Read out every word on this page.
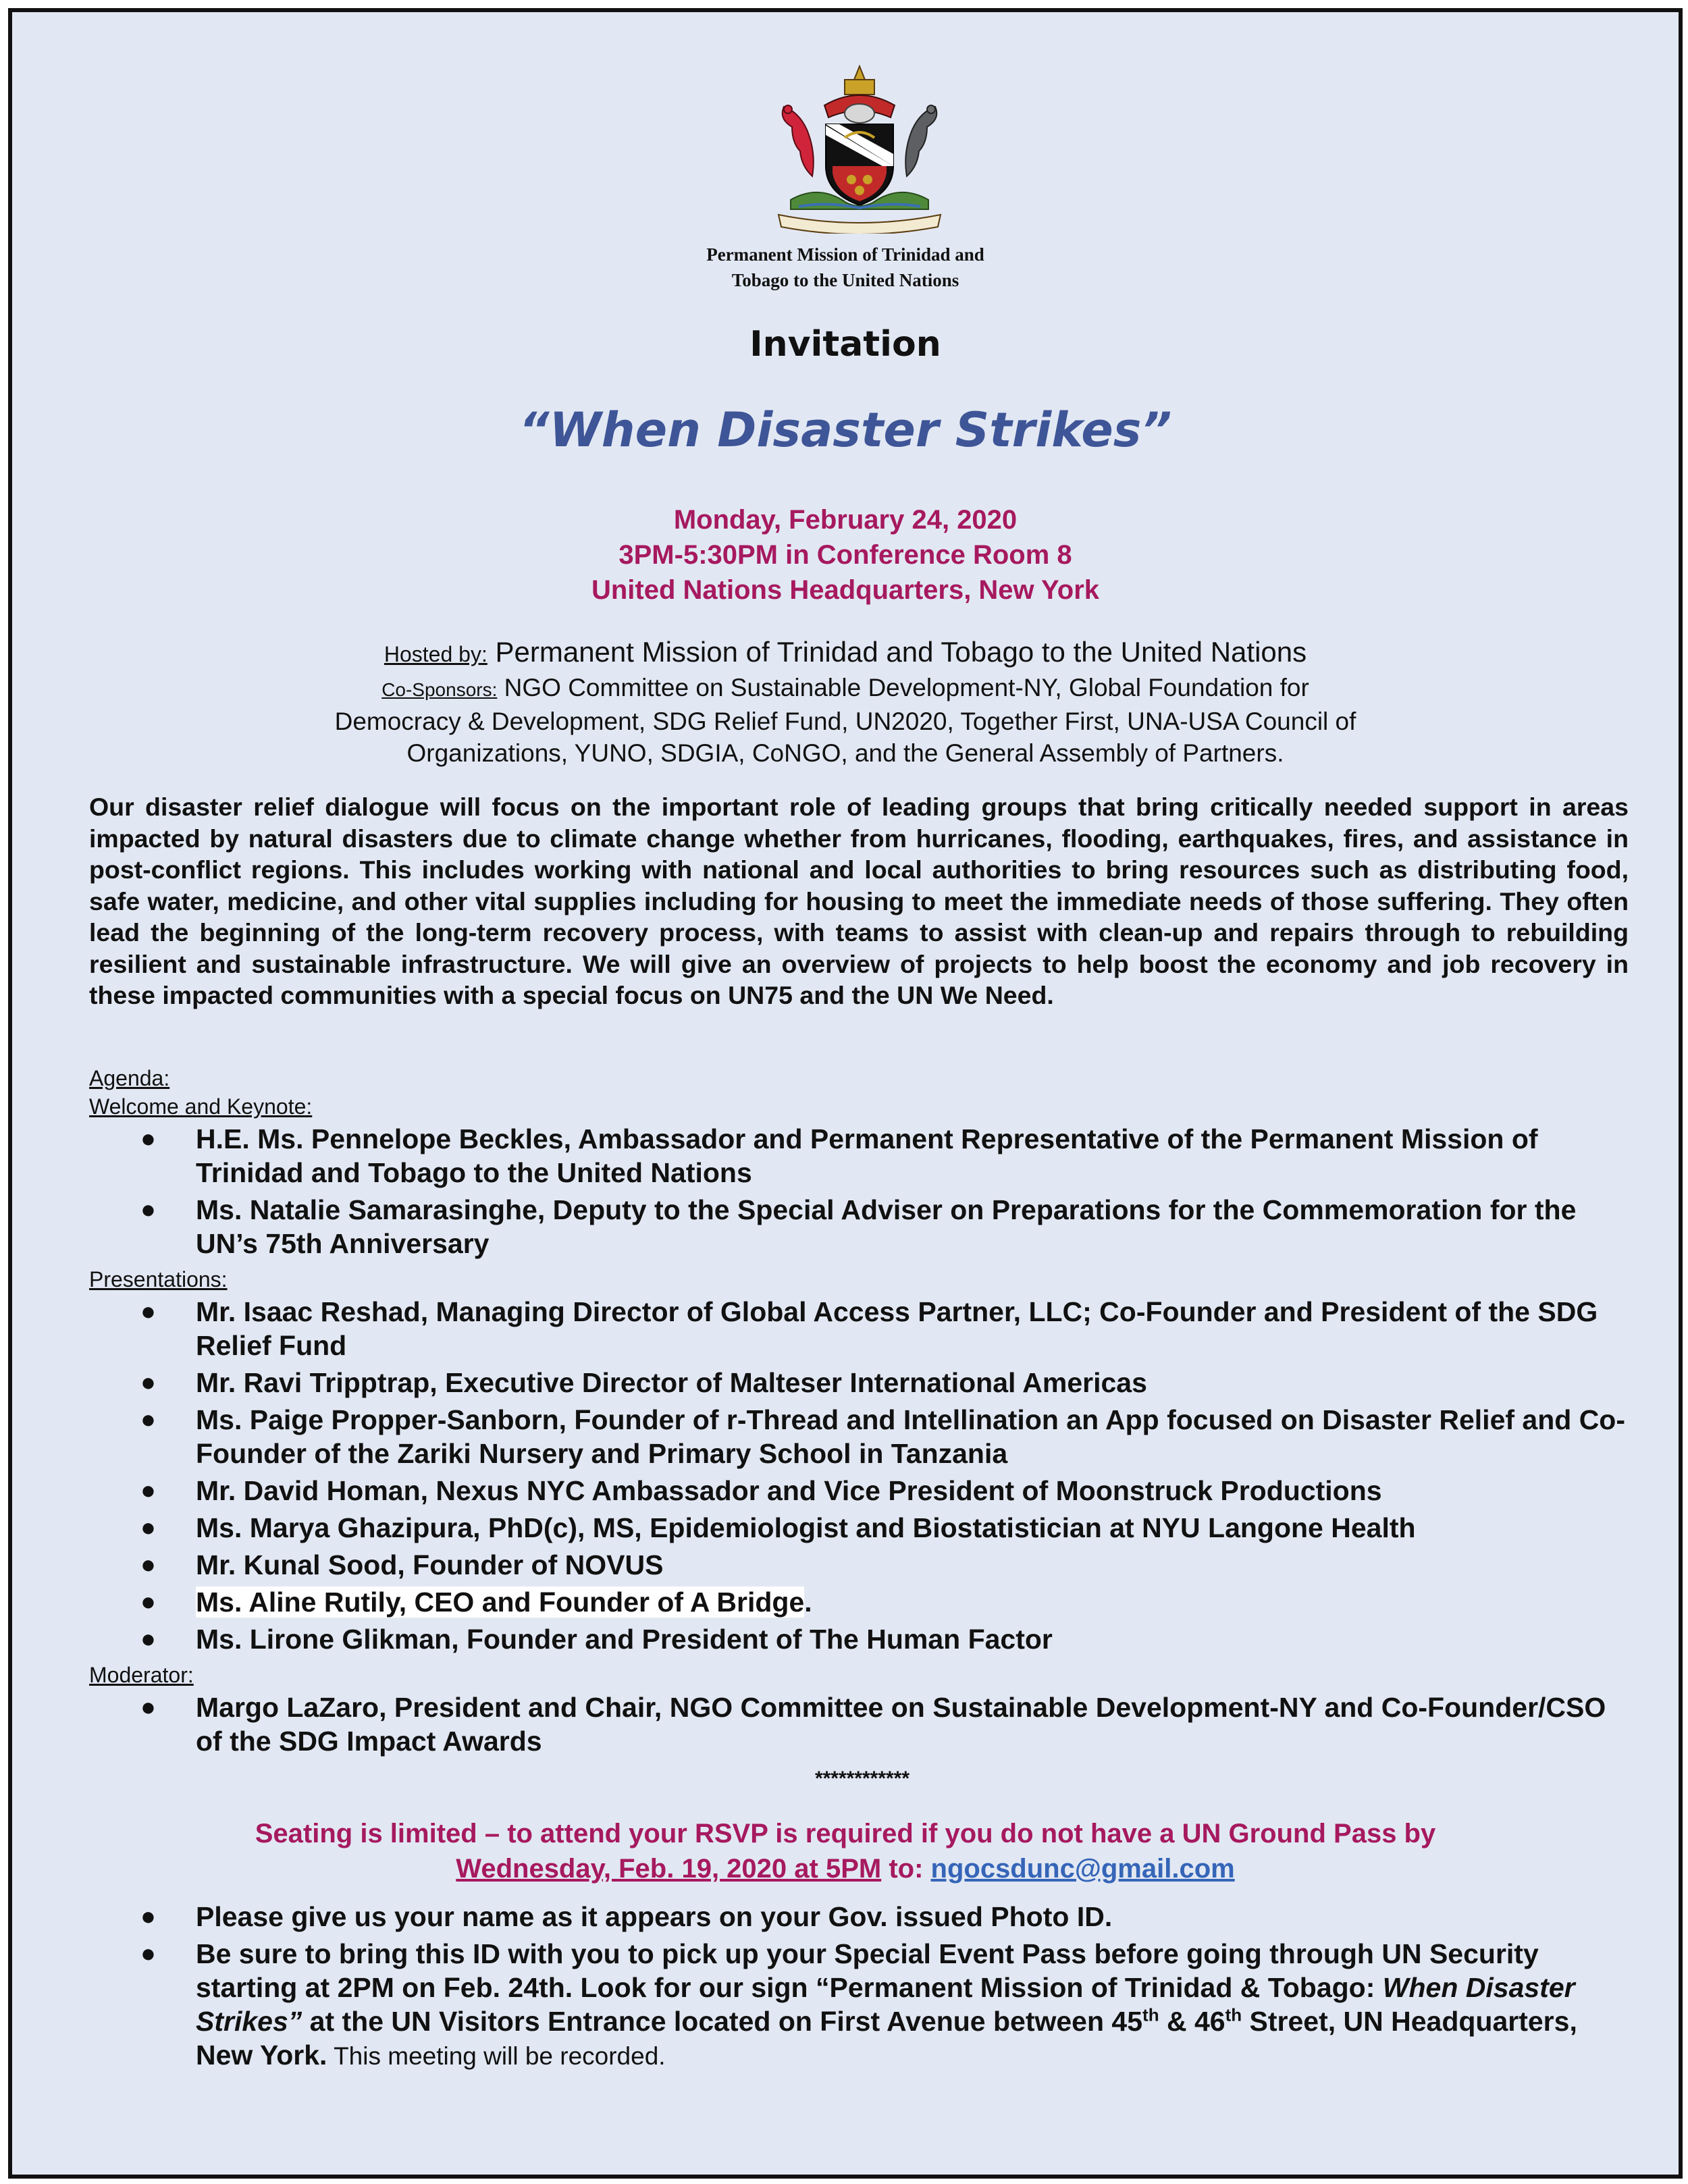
Permanent Mission of Trinidad and
Tobago to the United Nations
Invitation
“When Disaster Strikes”
Monday, February 24, 2020
3PM-5:30PM in Conference Room 8
United Nations Headquarters, New York
Hosted by: Permanent Mission of Trinidad and Tobago to the United Nations
Co-Sponsors: NGO Committee on Sustainable Development-NY, Global Foundation for
Democracy & Development, SDG Relief Fund, UN2020, Together First, UNA-USA Council of
Organizations, YUNO, SDGIA, CoNGO, and the General Assembly of Partners.
Our disaster relief dialogue will focus on the important role of leading groups that bring critically needed support in areas impacted by natural disasters due to climate change whether from hurricanes, flooding, earthquakes, fires, and assistance in post-conflict regions. This includes working with national and local authorities to bring resources such as distributing food, safe water, medicine, and other vital supplies including for housing to meet the immediate needs of those suffering. They often lead the beginning of the long-term recovery process, with teams to assist with clean-up and repairs through to rebuilding resilient and sustainable infrastructure. We will give an overview of projects to help boost the economy and job recovery in these impacted communities with a special focus on UN75 and the UN We Need.
Agenda:
Welcome and Keynote:
● H.E. Ms. Pennelope Beckles, Ambassador and Permanent Representative of the Permanent Mission of Trinidad and Tobago to the United Nations
● Ms. Natalie Samarasinghe, Deputy to the Special Adviser on Preparations for the Commemoration for the UN’s 75th Anniversary
Presentations:
● Mr. Isaac Reshad, Managing Director of Global Access Partner, LLC; Co-Founder and President of the SDG Relief Fund
● Mr. Ravi Tripptrap, Executive Director of Malteser International Americas
● Ms. Paige Propper-Sanborn, Founder of r-Thread and Intellination an App focused on Disaster Relief and Co-Founder of the Zariki Nursery and Primary School in Tanzania
● Mr. David Homan, Nexus NYC Ambassador and Vice President of Moonstruck Productions
● Ms. Marya Ghazipura, PhD(c), MS, Epidemiologist and Biostatistician at NYU Langone Health
● Mr. Kunal Sood, Founder of NOVUS
● Ms. Aline Rutily, CEO and Founder of A Bridge.
● Ms. Lirone Glikman, Founder and President of The Human Factor
Moderator:
● Margo LaZaro, President and Chair, NGO Committee on Sustainable Development-NY and Co-Founder/CSO of the SDG Impact Awards
************
Seating is limited – to attend your RSVP is required if you do not have a UN Ground Pass by
Wednesday, Feb. 19, 2020 at 5PM to: ngocsdunc@gmail.com
● Please give us your name as it appears on your Gov. issued Photo ID.
● Be sure to bring this ID with you to pick up your Special Event Pass before going through UN Security starting at 2PM on Feb. 24th. Look for our sign “Permanent Mission of Trinidad & Tobago: When Disaster Strikes” at the UN Visitors Entrance located on First Avenue between 45th & 46th Street, UN Headquarters, New York. This meeting will be recorded.
